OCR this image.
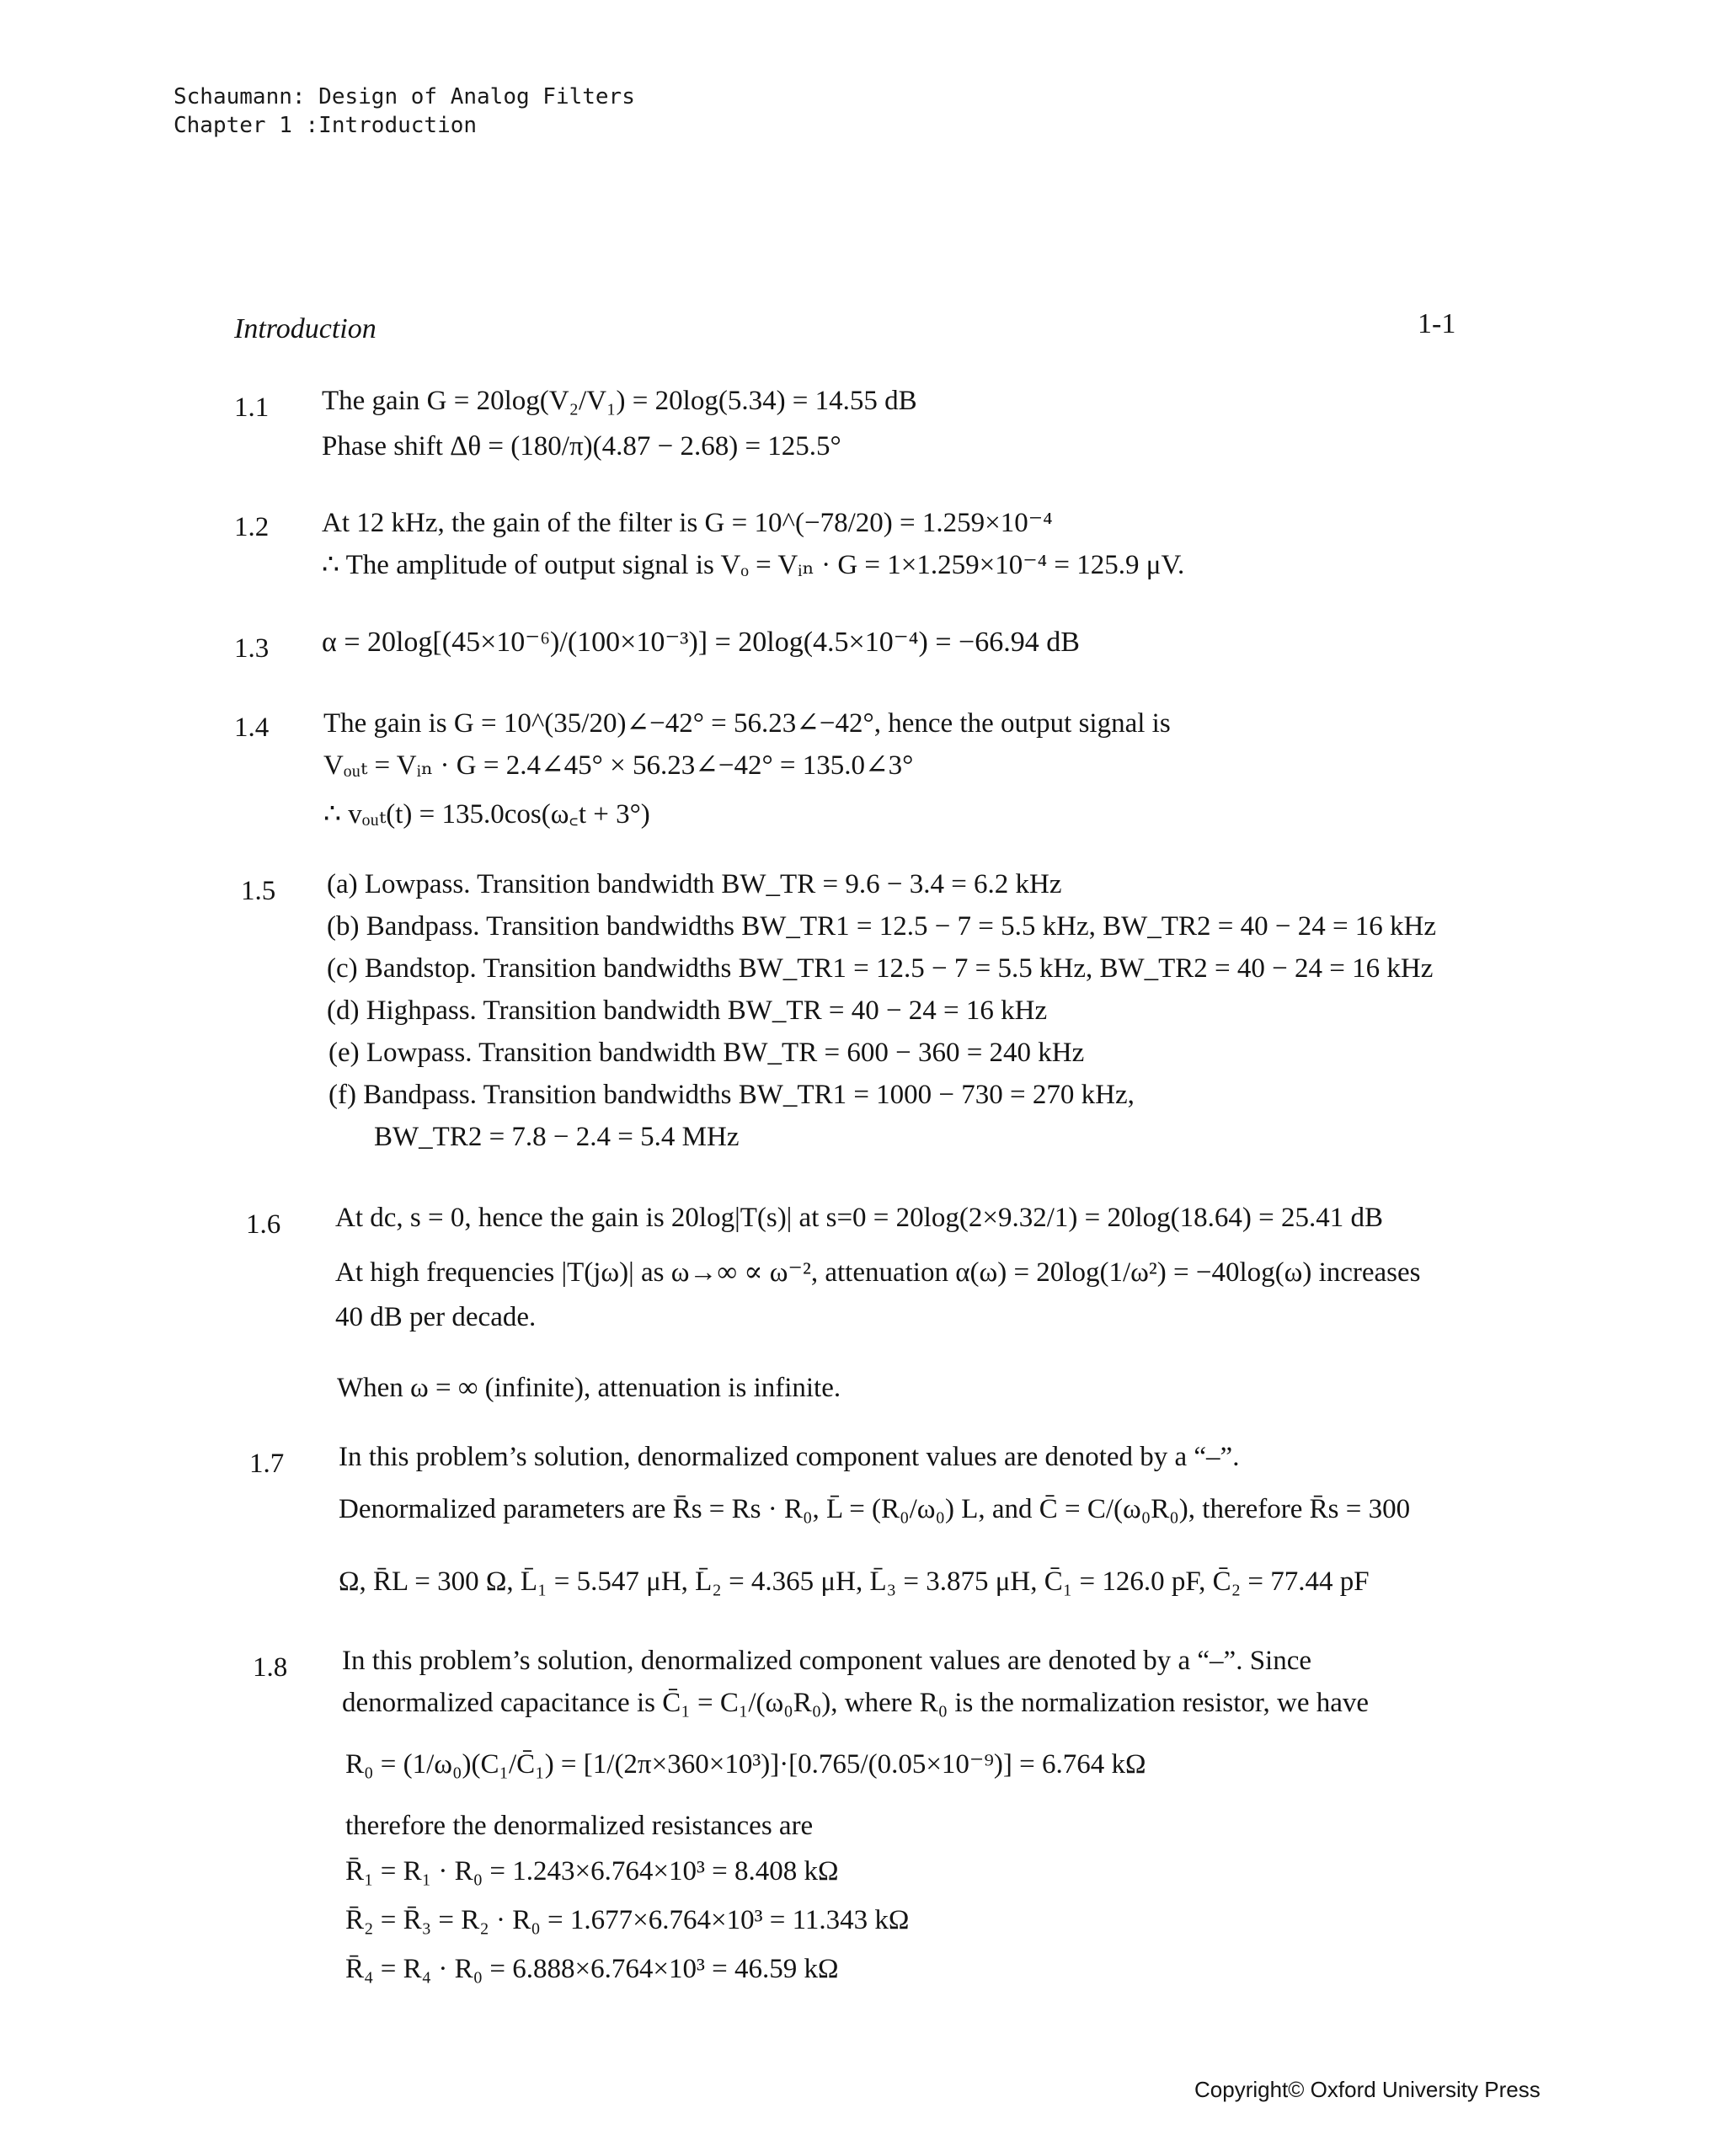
Schaumann: Design of Analog Filters
Chapter 1 :Introduction
Introduction	1-1
1.1 The gain G = 20log(V₂/V₁) = 20log(5.34) = 14.55 dB
Phase shift Δθ = (180/π)(4.87 − 2.68) = 125.5°
1.2 At 12 kHz, the gain of the filter is G = 10^(−78/20) = 1.259×10⁻⁴
∴ The amplitude of output signal is Vₒ = Vᵢₙ · G = 1×1.259×10⁻⁴ = 125.9 μV.
1.3 α = 20log[(45×10⁻⁶)/(100×10⁻³)] = 20log(4.5×10⁻⁴) = −66.94 dB
1.4 The gain is G = 10^(35/20)∠−42° = 56.23∠−42°, hence the output signal is
Vₒᵤₜ = Vᵢₙ · G = 2.4∠45° × 56.23∠−42° = 135.0∠3°
∴ vₒᵤₜ(t) = 135.0cos(ω꜀t + 3°)
1.5 (a) Lowpass. Transition bandwidth BW_TR = 9.6 − 3.4 = 6.2 kHz
(b) Bandpass. Transition bandwidths BW_TR1 = 12.5 − 7 = 5.5 kHz, BW_TR2 = 40 − 24 = 16 kHz
(c) Bandstop. Transition bandwidths BW_TR1 = 12.5 − 7 = 5.5 kHz, BW_TR2 = 40 − 24 = 16 kHz
(d) Highpass. Transition bandwidth BW_TR = 40 − 24 = 16 kHz
(e) Lowpass. Transition bandwidth BW_TR = 600 − 360 = 240 kHz
(f) Bandpass. Transition bandwidths BW_TR1 = 1000 − 730 = 270 kHz,
BW_TR2 = 7.8 − 2.4 = 5.4 MHz
1.6 At dc, s = 0, hence the gain is 20log|T(s)| at s=0 = 20log(2×9.32/1) = 20log(18.64) = 25.41 dB
At high frequencies |T(jω)| as ω→∞ ∝ ω⁻², attenuation α(ω) = 20log(1/ω²) = −40log(ω) increases
40 dB per decade.
When ω = ∞ (infinite), attenuation is infinite.
1.7 In this problem’s solution, denormalized component values are denoted by a “–”.
Denormalized parameters are R̄s = Rs · R₀, L̄ = (R₀/ω₀) L, and C̄ = C/(ω₀R₀), therefore R̄s = 300
Ω, R̄L = 300 Ω, L̄₁ = 5.547 μH, L̄₂ = 4.365 μH, L̄₃ = 3.875 μH, C̄₁ = 126.0 pF, C̄₂ = 77.44 pF
1.8 In this problem’s solution, denormalized component values are denoted by a “–”. Since
denormalized capacitance is C̄₁ = C₁/(ω₀R₀), where R₀ is the normalization resistor, we have
R₀ = (1/ω₀)(C₁/C̄₁) = [1/(2π×360×10³)]·[0.765/(0.05×10⁻⁹)] = 6.764 kΩ
therefore the denormalized resistances are
R̄₁ = R₁ · R₀ = 1.243×6.764×10³ = 8.408 kΩ
R̄₂ = R̄₃ = R₂ · R₀ = 1.677×6.764×10³ = 11.343 kΩ
R̄₄ = R₄ · R₀ = 6.888×6.764×10³ = 46.59 kΩ
Copyright© Oxford University Press
